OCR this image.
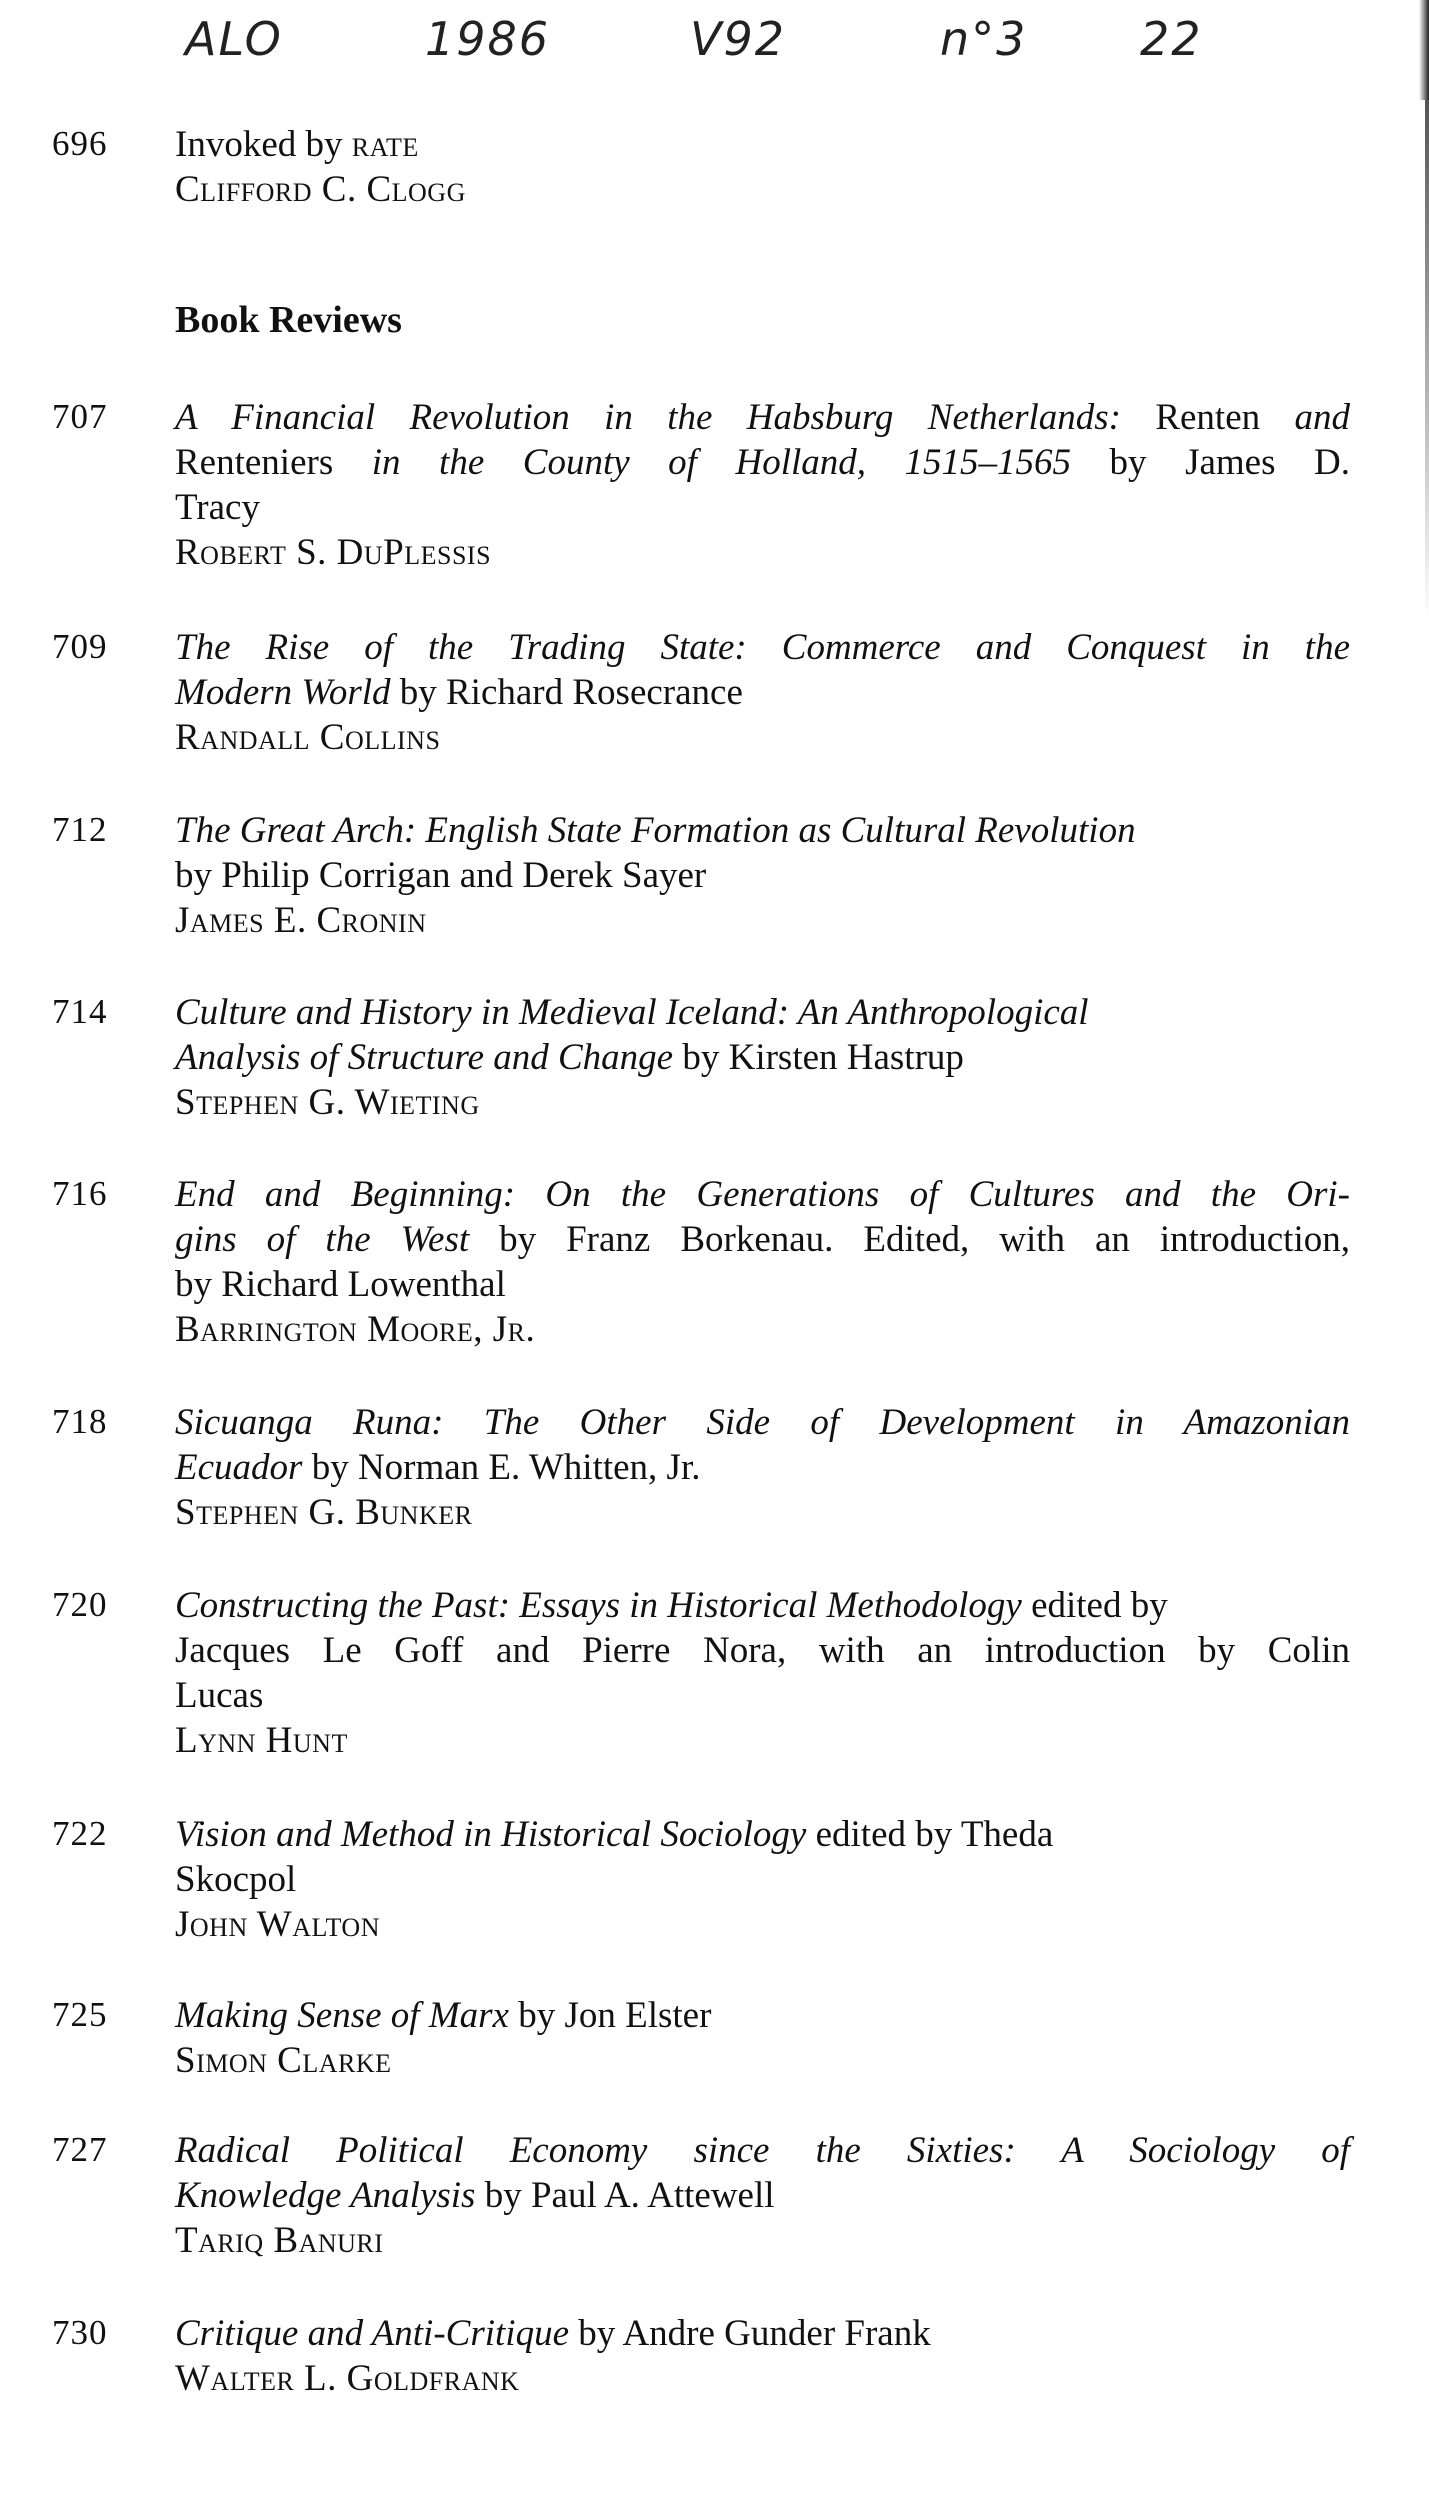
ALO	1986	V92	n°3 22
696 Invoked by rate
Clifford C. Clogg
Book Reviews
707 A Financial Revolution in the Habsburg Netherlands: Renten and
Renteniers in the County of Holland, 1515–1565 by James D.
Tracy
Robert S. DuPlessis
709 The Rise of the Trading State: Commerce and Conquest in the
Modern World by Richard Rosecrance
Randall Collins
712 The Great Arch: English State Formation as Cultural Revolution
by Philip Corrigan and Derek Sayer
James E. Cronin
714 Culture and History in Medieval Iceland: An Anthropological
Analysis of Structure and Change by Kirsten Hastrup
Stephen G. Wieting
716 End and Beginning: On the Generations of Cultures and the Ori-
gins of the West by Franz Borkenau. Edited, with an introduction,
by Richard Lowenthal
Barrington Moore, Jr.
718 Sicuanga Runa: The Other Side of Development in Amazonian
Ecuador by Norman E. Whitten, Jr.
Stephen G. Bunker
720 Constructing the Past: Essays in Historical Methodology edited by
Jacques Le Goff and Pierre Nora, with an introduction by Colin
Lucas
Lynn Hunt
722 Vision and Method in Historical Sociology edited by Theda
Skocpol
John Walton
725 Making Sense of Marx by Jon Elster
Simon Clarke
727 Radical Political Economy since the Sixties: A Sociology of
Knowledge Analysis by Paul A. Attewell
Tariq Banuri
730 Critique and Anti-Critique by Andre Gunder Frank
Walter L. Goldfrank
